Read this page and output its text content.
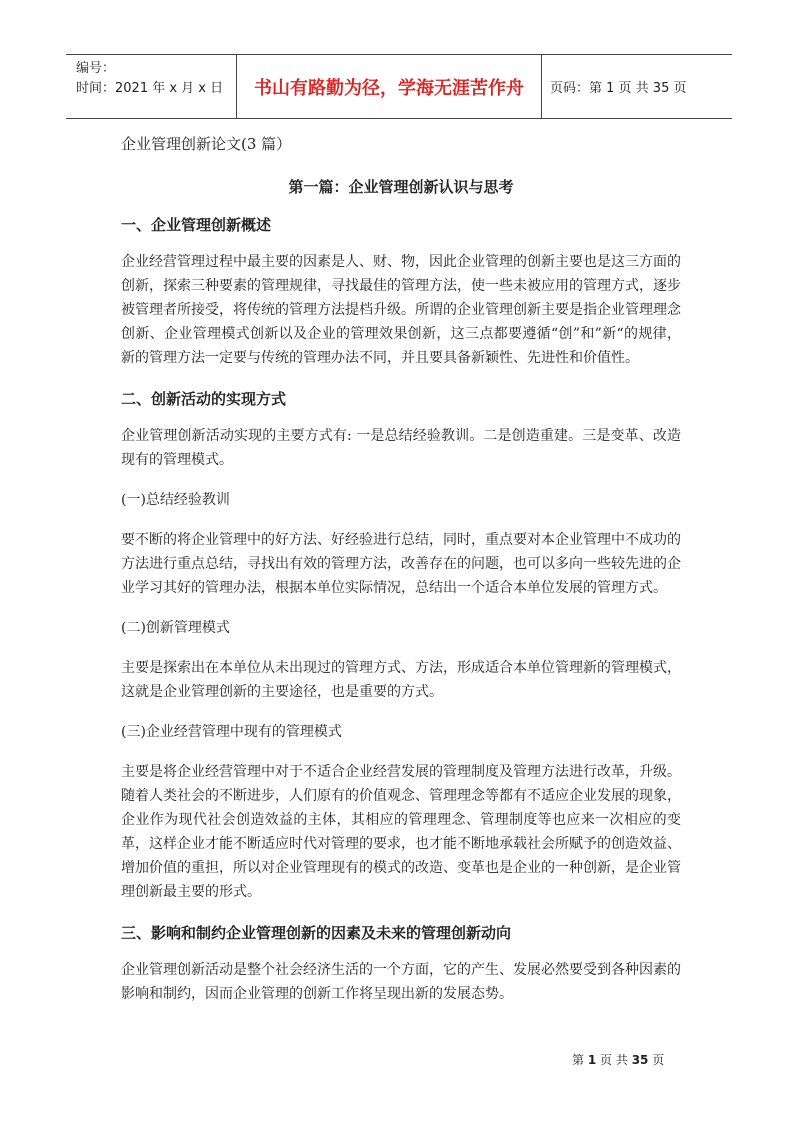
编号：
时间：2021 年 x 月 x 日	书山有路勤为径，学海无涯苦作舟	页码：第 1 页 共 35 页

企业管理创新论文(3 篇）

第一篇：企业管理创新认识与思考

一、企业管理创新概述

企业经营管理过程中最主要的因素是人、财、物，因此企业管理的创新主要也是这三方面的创新，探索三种要素的管理规律，寻找最佳的管理方法，使一些未被应用的管理方式，逐步被管理者所接受，将传统的管理方法提档升级。所谓的企业管理创新主要是指企业管理理念创新、企业管理模式创新以及企业的管理效果创新，这三点都要遵循“创”和”新“的规律，新的管理方法一定要与传统的管理办法不同，并且要具备新颖性、先进性和价值性。

二、创新活动的实现方式

企业管理创新活动实现的主要方式有: 一是总结经验教训。二是创造重建。三是变革、改造现有的管理模式。

(一)总结经验教训

要不断的将企业管理中的好方法、好经验进行总结，同时，重点要对本企业管理中不成功的方法进行重点总结，寻找出有效的管理方法，改善存在的问题，也可以多向一些较先进的企业学习其好的管理办法，根据本单位实际情况，总结出一个适合本单位发展的管理方式。

(二)创新管理模式

主要是探索出在本单位从未出现过的管理方式、方法，形成适合本单位管理新的管理模式，这就是企业管理创新的主要途径，也是重要的方式。

(三)企业经营管理中现有的管理模式

主要是将企业经营管理中对于不适合企业经营发展的管理制度及管理方法进行改革，升级。随着人类社会的不断进步，人们原有的价值观念、管理理念等都有不适应企业发展的现象，企业作为现代社会创造效益的主体，其相应的管理理念、管理制度等也应来一次相应的变革，这样企业才能不断适应时代对管理的要求，也才能不断地承载社会所赋予的创造效益、增加价值的重担，所以对企业管理现有的模式的改造、变革也是企业的一种创新，是企业管理创新最主要的形式。

三、影响和制约企业管理创新的因素及未来的管理创新动向

企业管理创新活动是整个社会经济生活的一个方面，它的产生、发展必然要受到各种因素的影响和制约，因而企业管理的创新工作将呈现出新的发展态势。

第 1 页 共 35 页
